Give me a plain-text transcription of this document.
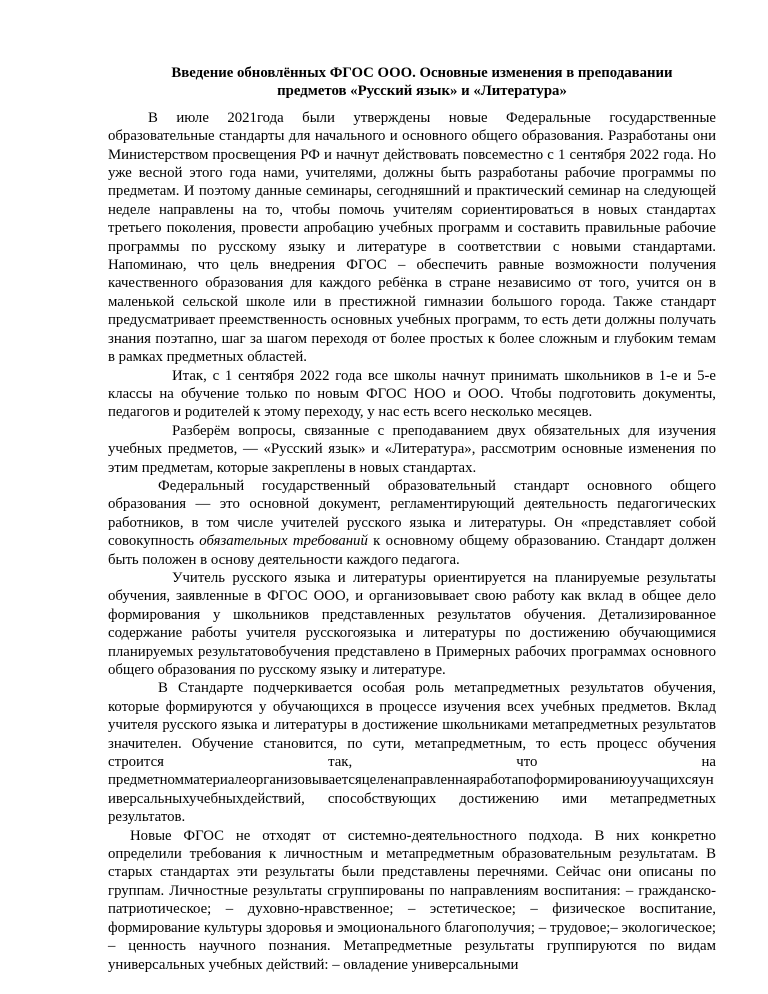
Введение обновлённых ФГОС ООО. Основные изменения в преподавании
предметов «Русский язык» и «Литература»

В июле 2021года были утверждены новые Федеральные государственные образовательные стандарты для начального и основного общего образования. Разработаны они Министерством просвещения РФ и начнут действовать повсеместно с 1 сентября 2022 года. Но уже весной этого года нами, учителями, должны быть разработаны рабочие программы по предметам. И поэтому данные семинары, сегодняшний и практический семинар на следующей неделе направлены на то, чтобы помочь учителям сориентироваться в новых стандартах третьего поколения, провести апробацию учебных программ и составить правильные рабочие программы по русскому языку и литературе в соответствии с новыми стандартами. Напоминаю, что цель внедрения ФГОС – обеспечить равные возможности получения качественного образования для каждого ребёнка в стране независимо от того, учится он в маленькой сельской школе или в престижной гимназии большого города. Также стандарт предусматривает преемственность основных учебных программ, то есть дети должны получать знания поэтапно, шаг за шагом переходя от более простых к более сложным и глубоким темам в рамках предметных областей.

Итак, с 1 сентября 2022 года все школы начнут принимать школьников в 1-е и 5-е классы на обучение только по новым ФГОС НОО и ООО. Чтобы подготовить документы, педагогов и родителей к этому переходу, у нас есть всего несколько месяцев.

Разберём вопросы, связанные с преподаванием двух обязательных для изучения учебных предметов, — «Русский язык» и «Литература», рассмотрим основные изменения по этим предметам, которые закреплены в новых стандартах.

Федеральный государственный образовательный стандарт основного общего образования — это основной документ, регламентирующий деятельность педагогических работников, в том числе учителей русского языка и литературы. Он «представляет собой совокупность обязательных требований к основному общему образованию. Стандарт должен быть положен в основу деятельности каждого педагога.

Учитель русского языка и литературы ориентируется на планируемые результаты обучения, заявленные в ФГОС ООО, и организовывает свою работу как вклад в общее дело формирования у школьников представленных результатов обучения. Детализированное содержание работы учителя русскогоязыка и литературы по достижению обучающимися планируемых результатовобучения представлено в Примерных рабочих программах основного общего образования по русскому языку и литературе.

В Стандарте подчеркивается особая роль метапредметных результатов обучения, которые формируются у обучающихся в процессе изучения всех учебных предметов. Вклад учителя русского языка и литературы в достижение школьниками метапредметных результатов значителен. Обучение становится, по сути, метапредметным, то есть процесс обучения строится так, что на
предметномматериалеорганизовываетсяцеленаправленнаяработапоформированиюуучащихсяуниверсальныхучебныхдействий, способствующих достижению ими метапредметных результатов.

Новые ФГОС не отходят от системно-деятельностного подхода. В них конкретно определили требования к личностным и метапредметным образовательным результатам. В старых стандартах эти результаты были представлены перечнями. Сейчас они описаны по группам. Личностные результаты сгруппированы по направлениям воспитания: – гражданско-патриотическое; – духовно-нравственное; – эстетическое; – физическое воспитание, формирование культуры здоровья и эмоционального благополучия; – трудовое;– экологическое; – ценность научного познания. Метапредметные результаты группируются по видам универсальных учебных действий: – овладение универсальными
